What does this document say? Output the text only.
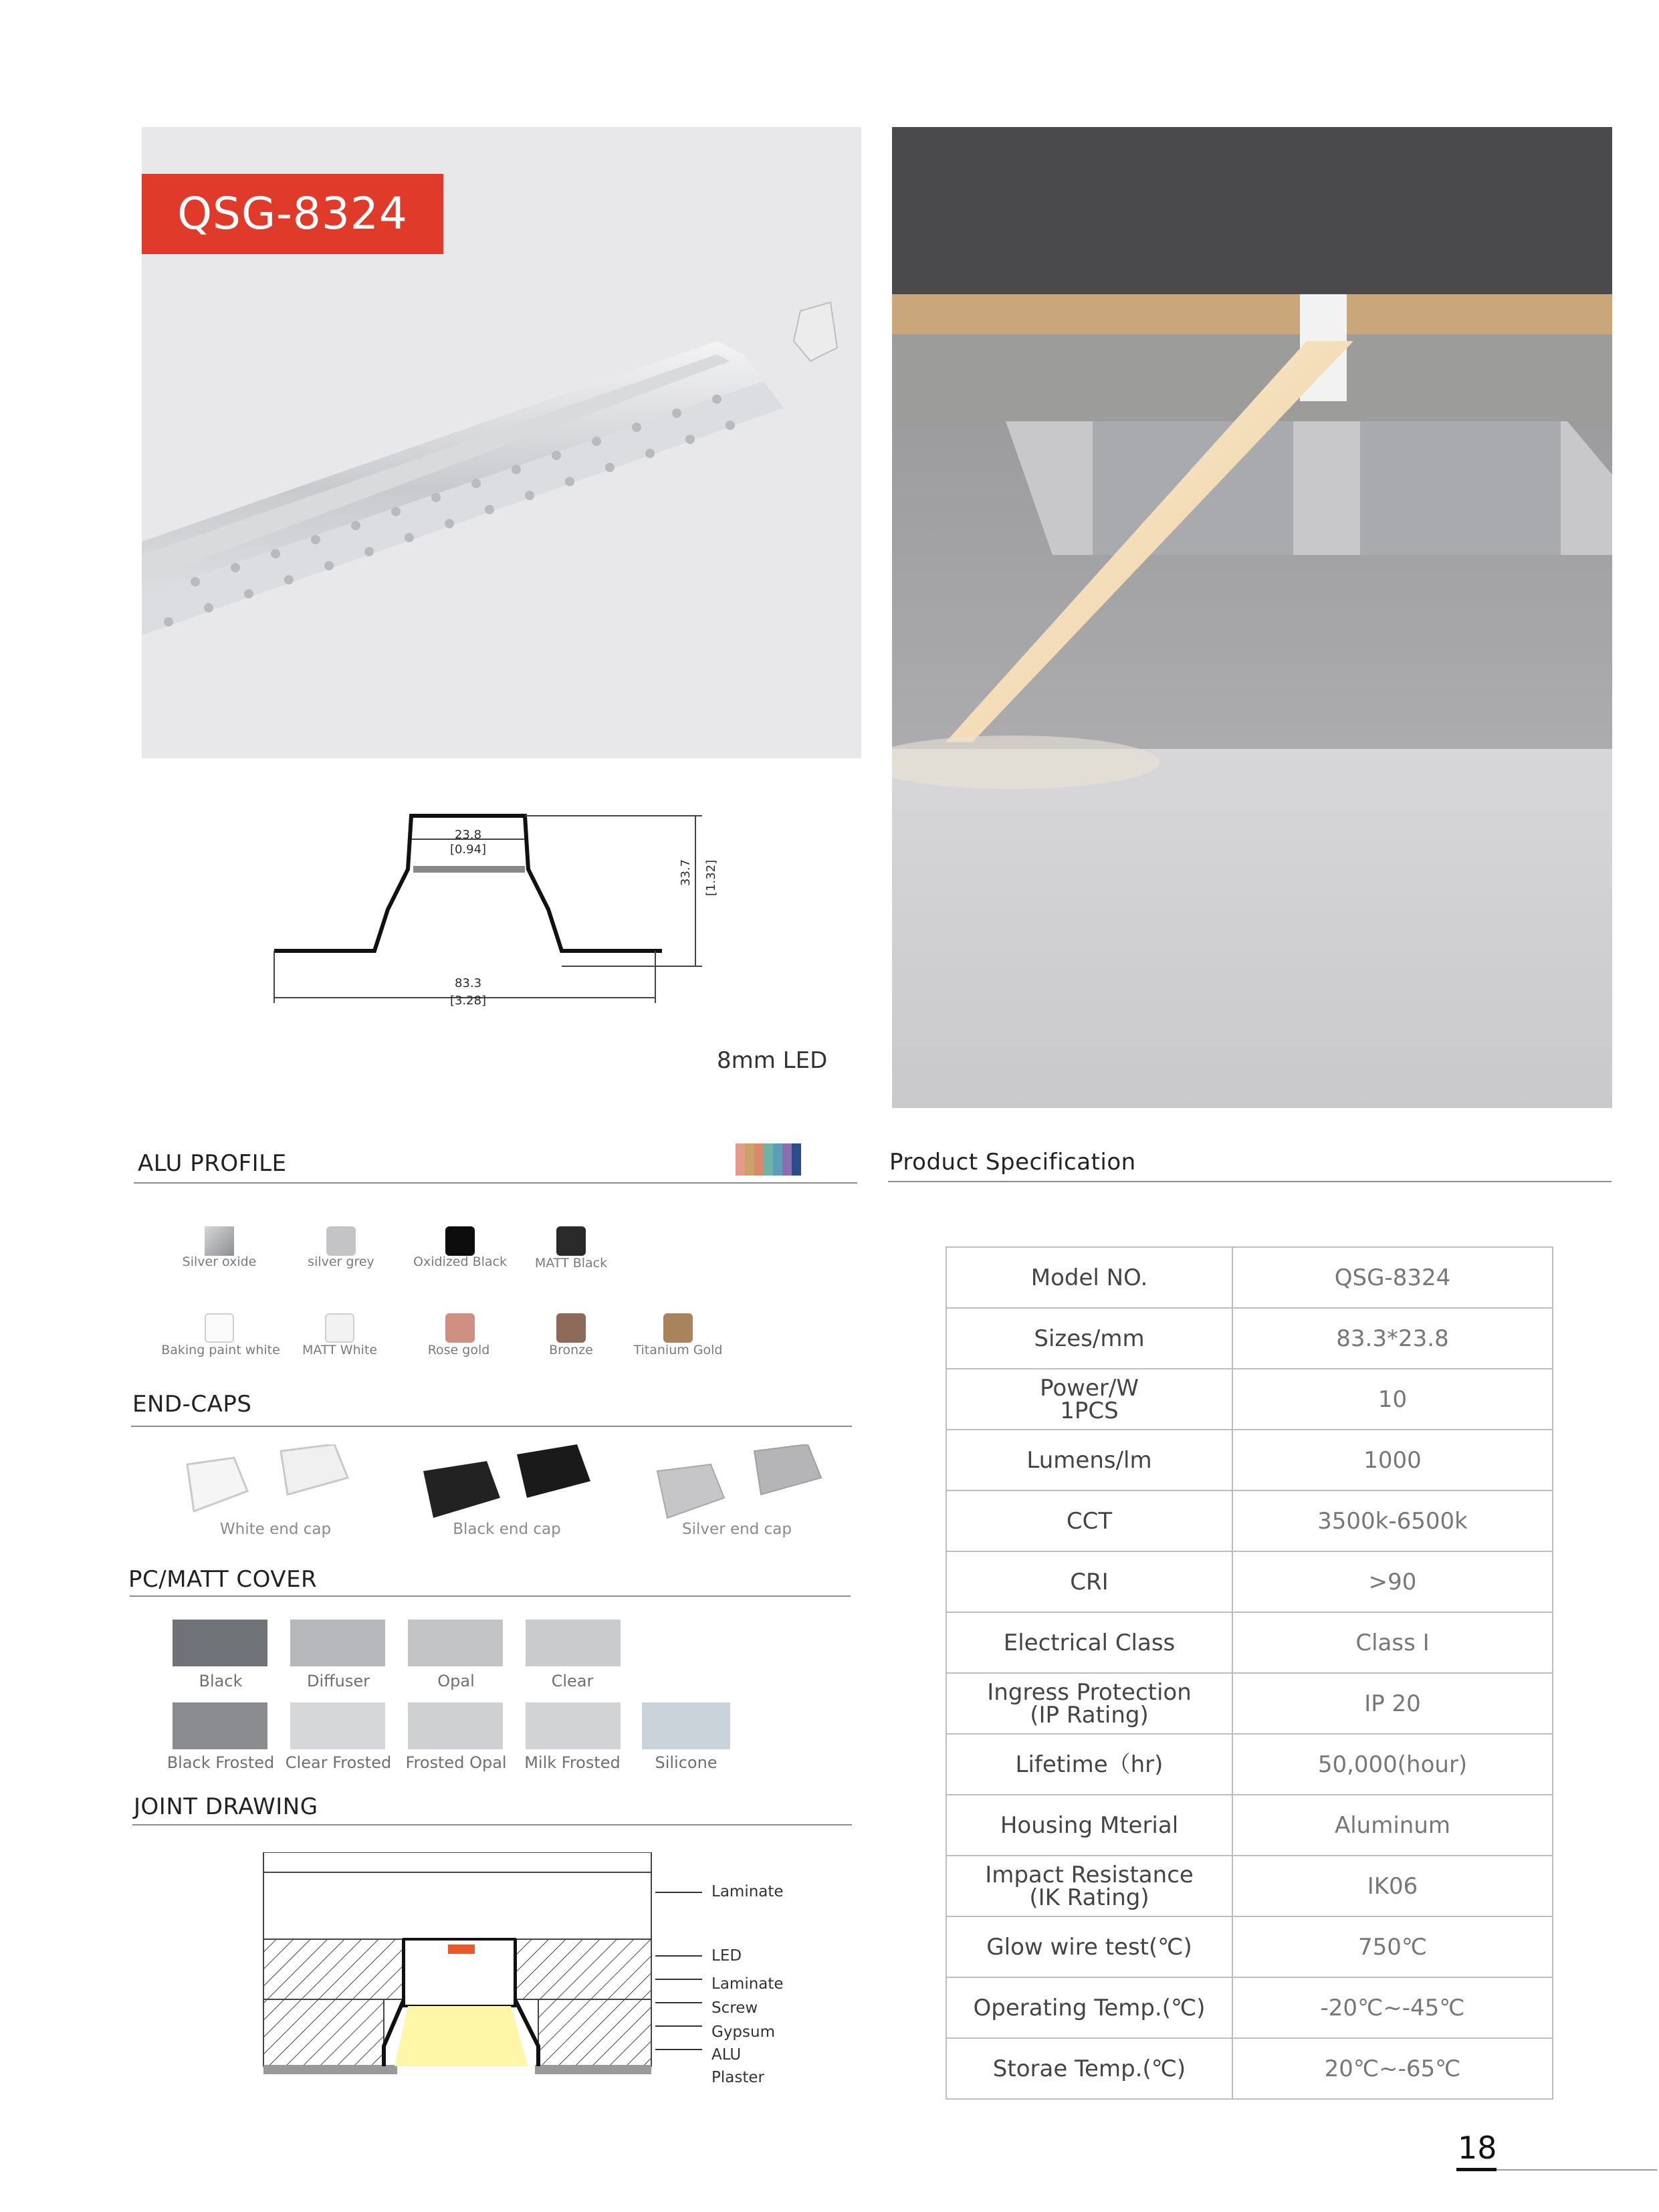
QSG-8324
23.8
[0.94]
83.3
[3.28]
33.7 [1.32]
8mm LED
ALU PROFILE
Silver oxide	silver grey	Oxidized Black	MATT Black
Baking paint white	MATT White	Rose gold	Bronze	Titanium Gold
END-CAPS
White end cap	Black end cap	Silver end cap
PC/MATT COVER
Black	Diffuser	Opal	Clear
Black Frosted Clear Frosted Frosted Opal	Milk Frosted	Silicone
JOINT DRAWING
Laminate
LED
Laminate
Screw
Gypsum
ALU
Plaster
Product Specification
Model NO.	QSG-8324

Sizes/mm	83.3*23.8

Power/W
1PCS	10

Lumens/lm	1000

CCT	3500k-6500k

CRI	>90

Electrical Class	Class I

Ingress Protection
(IP Rating)	IP 20

Lifetime（hr)	50,000(hour)

Housing Mterial	Aluminum

Impact Resistance
(IK Rating)	IK06

Glow wire test(℃)	750℃

Operating Temp.(℃)	-20℃~-45℃

Storae Temp.(℃)	20℃~-65℃
18
